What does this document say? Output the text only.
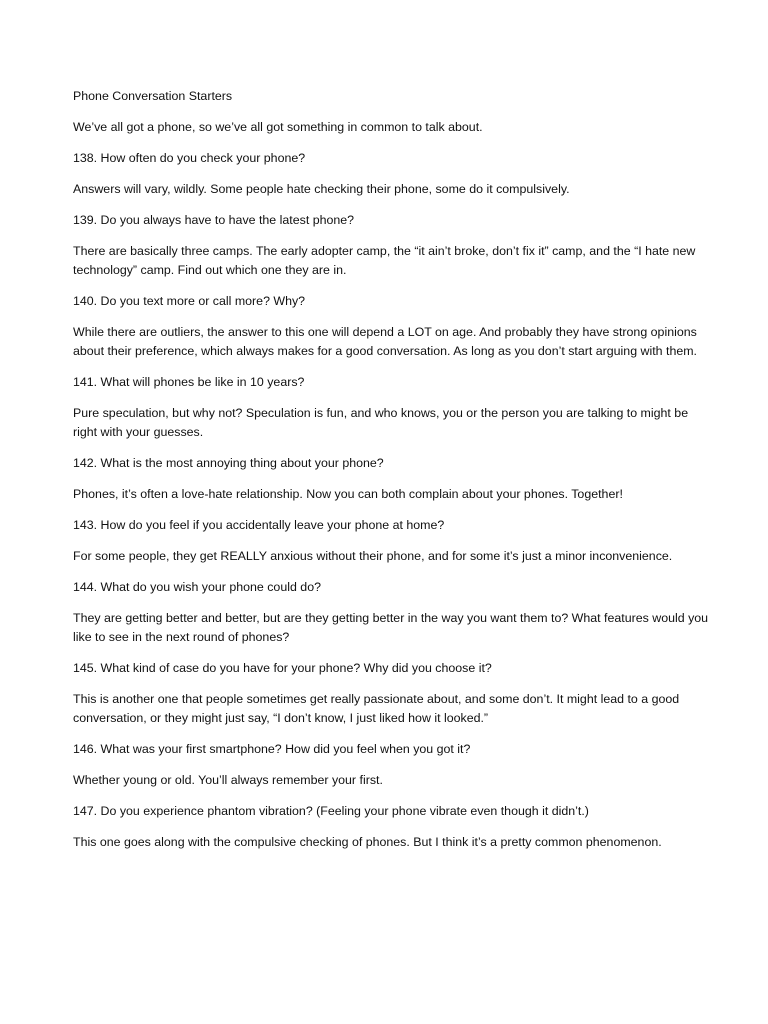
Phone Conversation Starters

We’ve all got a phone, so we’ve all got something in common to talk about.

138. How often do you check your phone?

Answers will vary, wildly. Some people hate checking their phone, some do it compulsively.

139. Do you always have to have the latest phone?

There are basically three camps. The early adopter camp, the “it ain’t broke, don’t fix it” camp, and the “I hate new technology” camp. Find out which one they are in.

140. Do you text more or call more? Why?

While there are outliers, the answer to this one will depend a LOT on age. And probably they have strong opinions about their preference, which always makes for a good conversation. As long as you don’t start arguing with them.

141. What will phones be like in 10 years?

Pure speculation, but why not? Speculation is fun, and who knows, you or the person you are talking to might be right with your guesses.

142. What is the most annoying thing about your phone?

Phones, it’s often a love-hate relationship. Now you can both complain about your phones. Together!

143. How do you feel if you accidentally leave your phone at home?

For some people, they get REALLY anxious without their phone, and for some it’s just a minor inconvenience.

144. What do you wish your phone could do?

They are getting better and better, but are they getting better in the way you want them to? What features would you like to see in the next round of phones?

145. What kind of case do you have for your phone? Why did you choose it?

This is another one that people sometimes get really passionate about, and some don’t. It might lead to a good conversation, or they might just say, “I don’t know, I just liked how it looked.”

146. What was your first smartphone? How did you feel when you got it?

Whether young or old. You’ll always remember your first.

147. Do you experience phantom vibration? (Feeling your phone vibrate even though it didn’t.)

This one goes along with the compulsive checking of phones. But I think it’s a pretty common phenomenon.
